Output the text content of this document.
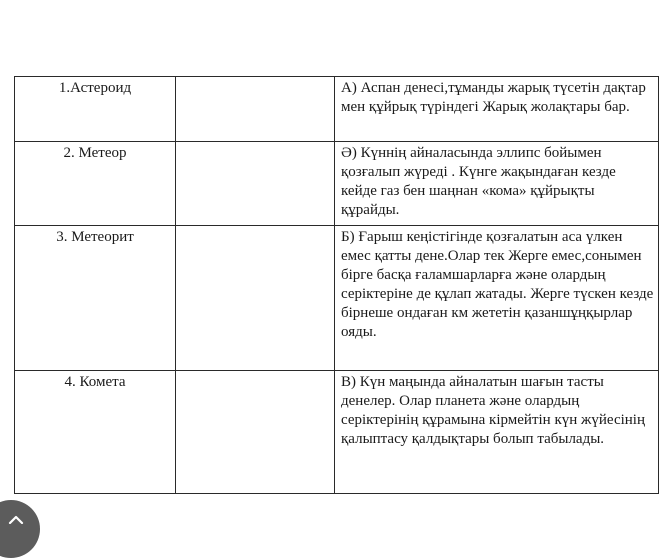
1.Астероид		А) Аспан денесі,тұманды жарық түсетін дақтар мен құйрық түріндегі Жарық жолақтары бар.
2. Метеор		Ә) Күннің айналасында эллипс бойымен қозғалып жүреді . Күнге жақындаған кезде кейде газ бен шаңнан «кома» құйрықты құрайды.
3. Метеорит		Б) Ғарыш кеңістігінде қозғалатын аса үлкен емес қатты дене.Олар тек Жерге емес,сонымен бірге басқа ғаламшарларға және олардың серіктеріне де құлап жатады. Жерге түскен кезде бірнеше ондаған км жететін қазаншұңқырлар ояды.
4. Комета		В) Күн маңында айналатын шағын тасты денелер. Олар планета және олардың серіктерінің құрамына кірмейтін күн жүйесінің қалыптасу қалдықтары болып табылады.
